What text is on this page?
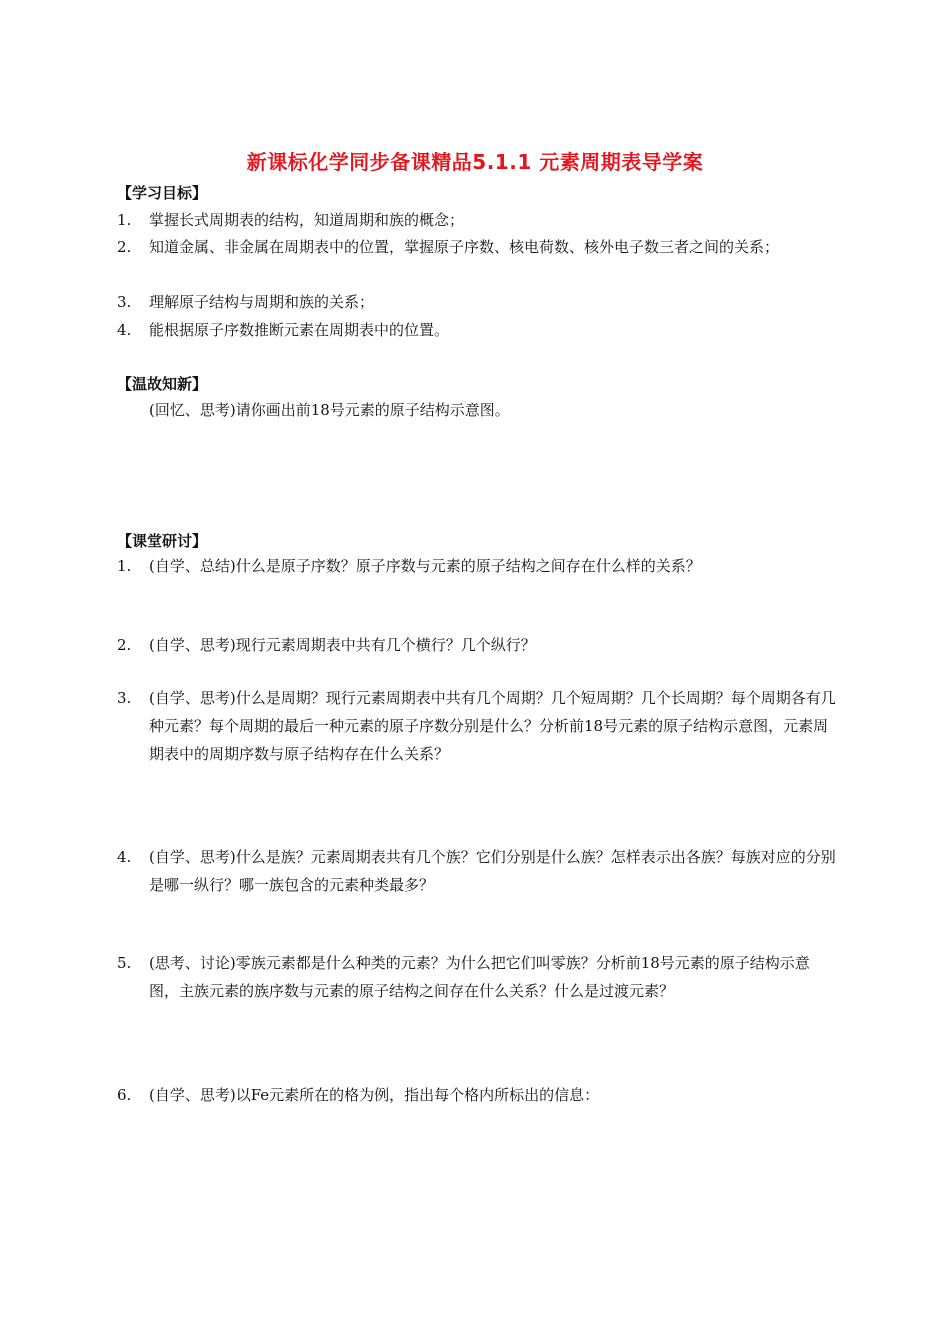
新课标化学同步备课精品5.1.1 元素周期表导学案
【学习目标】
1.	掌握长式周期表的结构，知道周期和族的概念；
2.	知道金属、非金属在周期表中的位置，掌握原子序数、核电荷数、核外电子数三者之间的关系；
3.	理解原子结构与周期和族的关系；
4.	能根据原子序数推断元素在周期表中的位置。
【温故知新】
(回忆、思考)请你画出前18号元素的原子结构示意图。
【课堂研讨】
1.	(自学、总结)什么是原子序数？原子序数与元素的原子结构之间存在什么样的关系？
2.	(自学、思考)现行元素周期表中共有几个横行？几个纵行？
3.	(自学、思考)什么是周期？现行元素周期表中共有几个周期？几个短周期？几个长周期？每个周期各有几种元素？每个周期的最后一种元素的原子序数分别是什么？分析前18号元素的原子结构示意图，元素周期表中的周期序数与原子结构存在什么关系？
4.	(自学、思考)什么是族？元素周期表共有几个族？它们分别是什么族？怎样表示出各族？每族对应的分别是哪一纵行？哪一族包含的元素种类最多？
5.	(思考、讨论)零族元素都是什么种类的元素？为什么把它们叫零族？分析前18号元素的原子结构示意图，主族元素的族序数与元素的原子结构之间存在什么关系？什么是过渡元素？
6.	(自学、思考)以Fe元素所在的格为例，指出每个格内所标出的信息：
